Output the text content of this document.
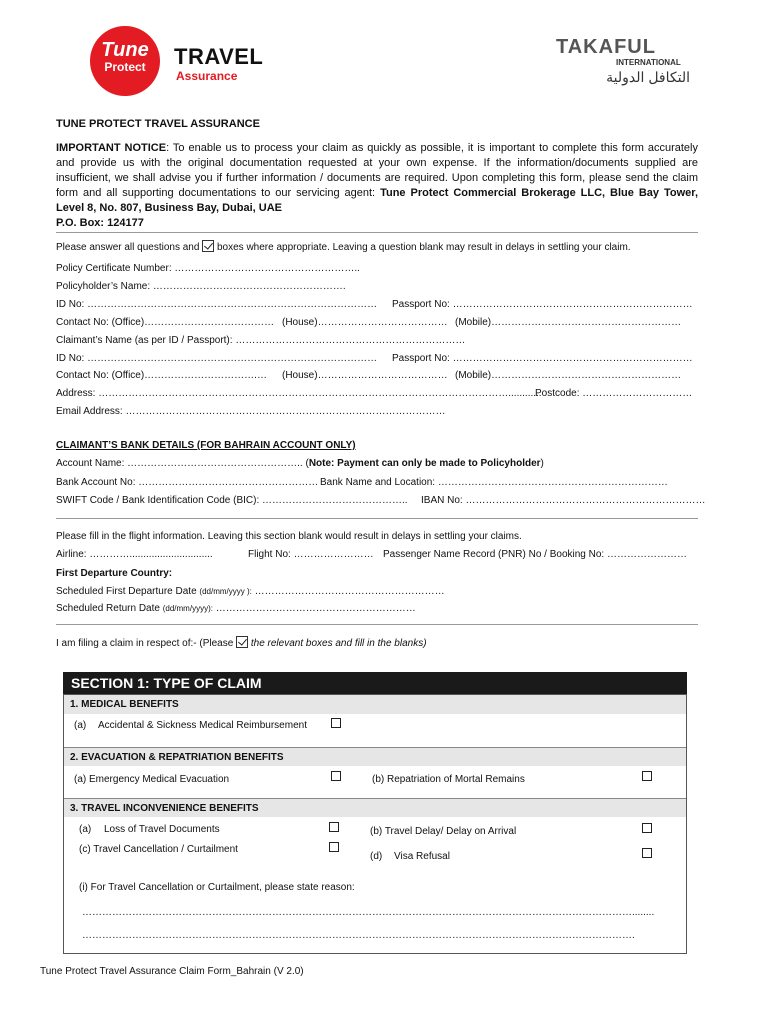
Tune
Protect	TRAVEL
Assurance
TAKAFUL
INTERNATIONAL
التكافل الدولية
TUNE PROTECT TRAVEL ASSURANCE
IMPORTANT NOTICE: To enable us to process your claim as quickly as possible, it is important to complete this form accurately and provide us with the original documentation requested at your own expense. If the information/documents supplied are insufficient, we shall advise you if further information / documents are required. Upon completing this form, please send the claim form and all supporting documentations to our servicing agent: Tune Protect Commercial Brokerage LLC, Blue Bay Tower, Level 8, No. 807, Business Bay, Dubai, UAE
P.O. Box: 124177
Please answer all questions and boxes where appropriate. Leaving a question blank may result in delays in settling your claim.
Policy Certificate Number: ………………………………………………..
Policyholder’s Name: ………………………………………………….
ID No: …………………………………………………………………………… Passport No: ………………………………………………………………
Contact No: (Office)………………………………… (House)………………………………… (Mobile)…………………………………………………
Claimant’s Name (as per ID / Passport): ……………………………………………………………
ID No: …………………………………………………………………………… Passport No: ………………………………………………………………
Contact No: (Office)…………………………….… (House)………………………………… (Mobile)…………………………………………………
Address: ……………………………………………………………………………………………………………............
Postcode: ……………………………
Email Address: ……………………………………………………………………………………
CLAIMANT’S BANK DETAILS (FOR BAHRAIN ACCOUNT ONLY)
Account Name: …………………………………………….. (Note: Payment can only be made to Policyholder)
Bank Account No: ……………………………………………… Bank Name and Location: ……………………………………………………………
SWIFT Code / Bank Identification Code (BIC): …………………………………….. IBAN No: ………………………………………………………………
Please fill in the flight information. Leaving this section blank would result in delays in settling your claims.
Airline: …………..............................	Flight No: …………………… Passenger Name Record (PNR) No / Booking No: ……………………
First Departure Country:
Scheduled First Departure Date (dd/mm/yyyy ): …………………………………………………
Scheduled Return Date (dd/mm/yyyy): ……………………………………………………
I am filing a claim in respect of:- (Please the relevant boxes and fill in the blanks)
SECTION 1: TYPE OF CLAIM
1. MEDICAL BENEFITS
(a) Accidental & Sickness Medical Reimbursement
2. EVACUATION & REPATRIATION BENEFITS
(a) Emergency Medical Evacuation	(b) Repatriation of Mortal Remains
3. TRAVEL INCONVENIENCE BENEFITS
(a) Loss of Travel Documents	(b) Travel Delay/ Delay on Arrival
(c) Travel Cancellation / Curtailment
(d) Visa Refusal
(i) For Travel Cancellation or Curtailment, please state reason:
…………………………………………………………………………………………………………………………………………………........
………………………………………………………………………………………………………………………………………………….
Tune Protect Travel Assurance Claim Form_Bahrain (V 2.0)
